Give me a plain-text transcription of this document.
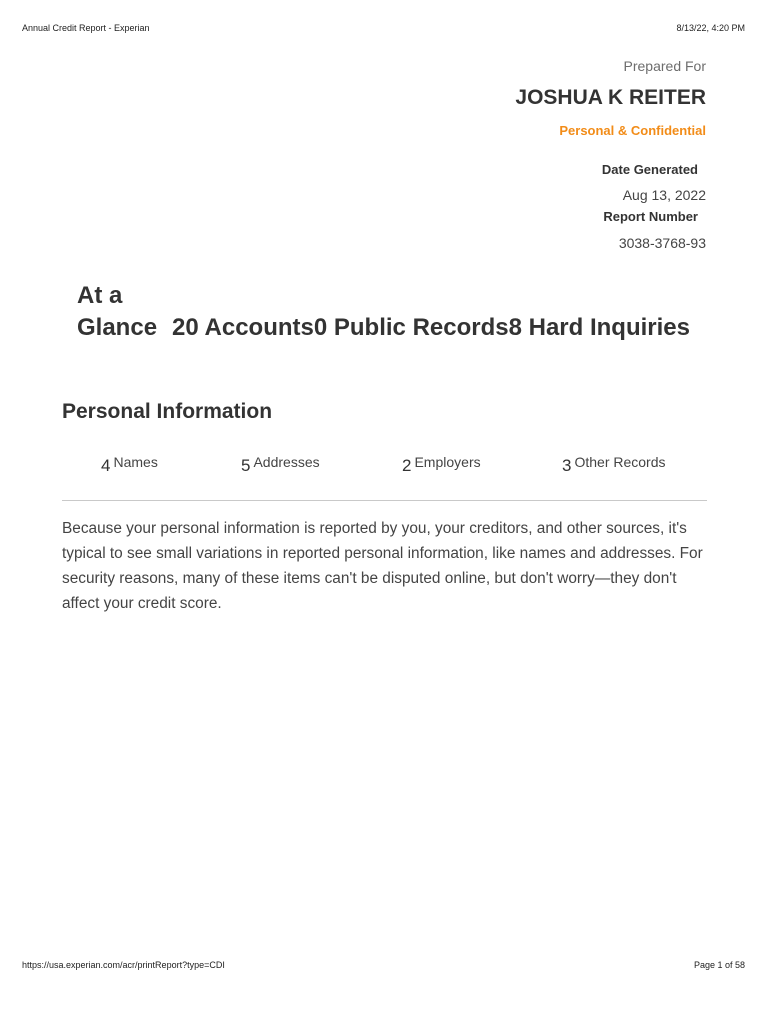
Annual Credit Report - Experian	8/13/22, 4:20 PM
Prepared For
JOSHUA K REITER
Personal & Confidential
Date Generated
Aug 13, 2022
Report Number
3038-3768-93
At a
Glance 20 Accounts0 Public Records8 Hard Inquiries
Personal Information
4 Names	5 Addresses	2 Employers	3 Other Records

Because your personal information is reported by you, your creditors, and other sources, it's typical to see small variations in reported personal information, like names and addresses. For security reasons, many of these items can't be disputed online, but don't worry—they don't affect your credit score.

https://usa.experian.com/acr/printReport?type=CDI	Page 1 of 58
